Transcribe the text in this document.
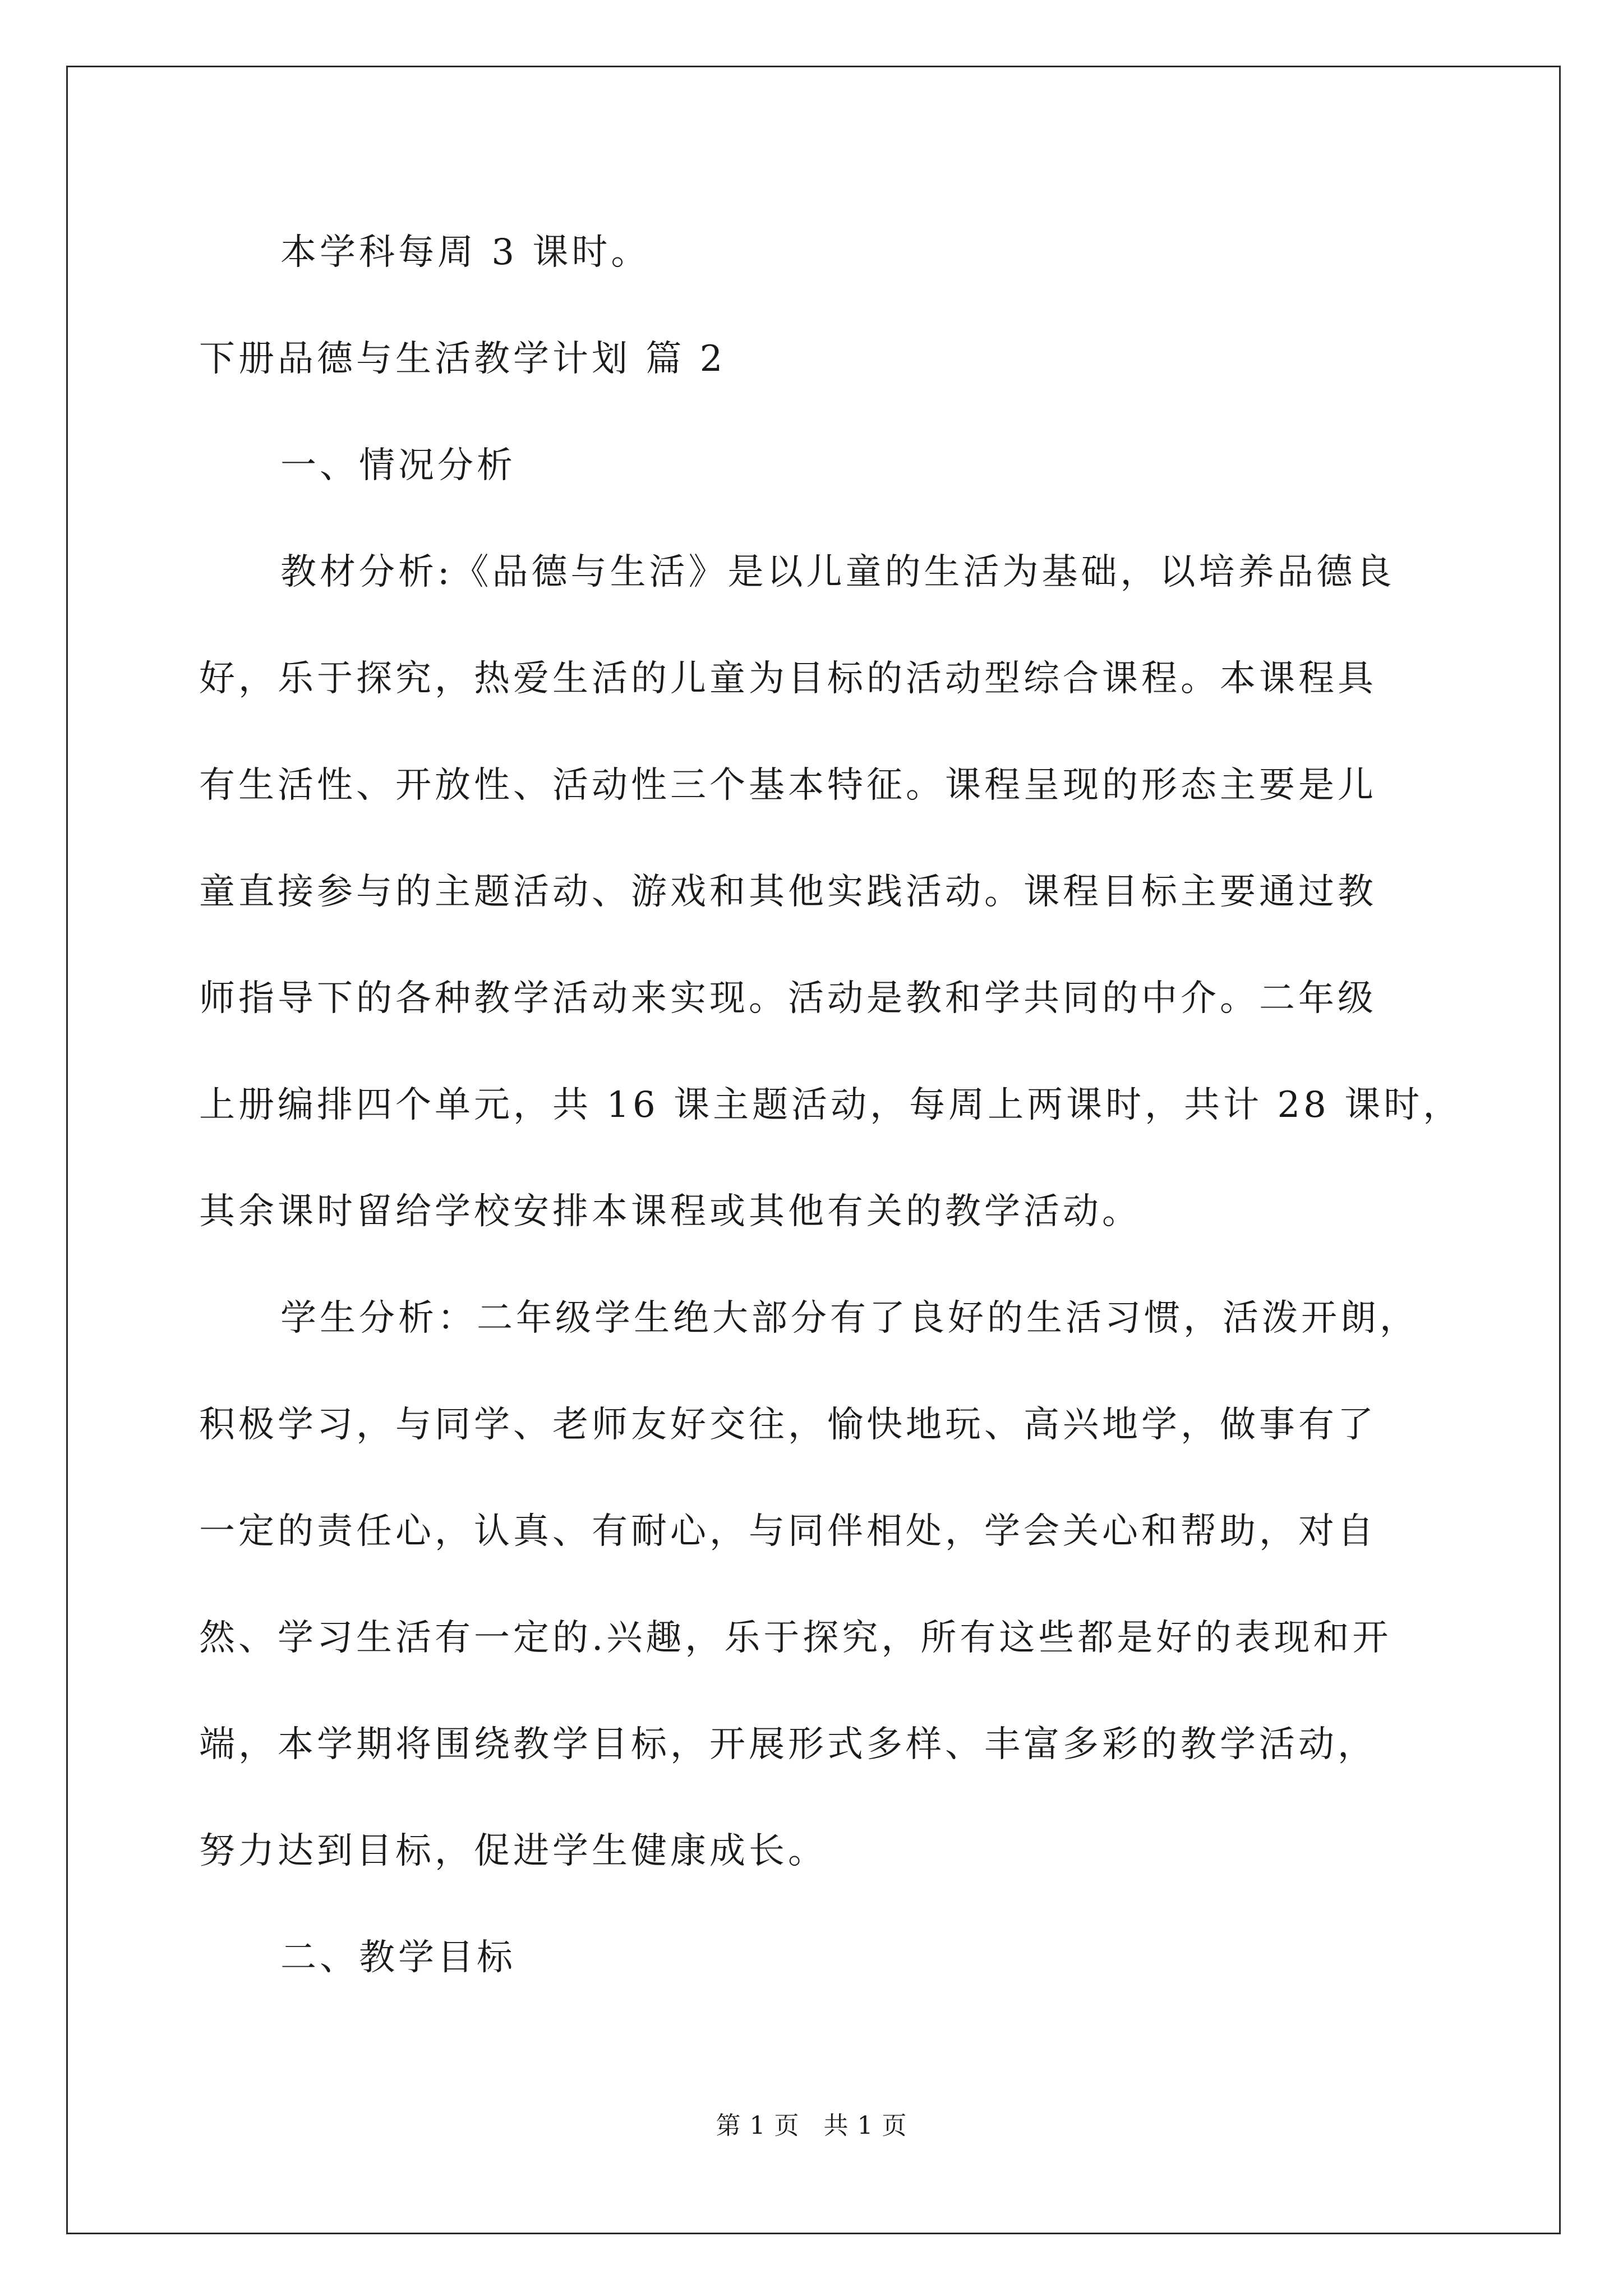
本学科每周 3 课时。
下册品德与生活教学计划 篇 2
一、情况分析
教材分析:《品德与生活》是以儿童的生活为基础，以培养品德良
好，乐于探究，热爱生活的儿童为目标的活动型综合课程。本课程具
有生活性、开放性、活动性三个基本特征。课程呈现的形态主要是儿
童直接参与的主题活动、游戏和其他实践活动。课程目标主要通过教
师指导下的各种教学活动来实现。活动是教和学共同的中介。二年级
上册编排四个单元，共 16 课主题活动，每周上两课时，共计 28 课时，
其余课时留给学校安排本课程或其他有关的教学活动。
学生分析：二年级学生绝大部分有了良好的生活习惯，活泼开朗，
积极学习，与同学、老师友好交往，愉快地玩、高兴地学，做事有了
一定的责任心，认真、有耐心，与同伴相处，学会关心和帮助，对自
然、学习生活有一定的.兴趣，乐于探究，所有这些都是好的表现和开
端，本学期将围绕教学目标，开展形式多样、丰富多彩的教学活动，
努力达到目标，促进学生健康成长。
二、教学目标
第 1 页 共 1 页
